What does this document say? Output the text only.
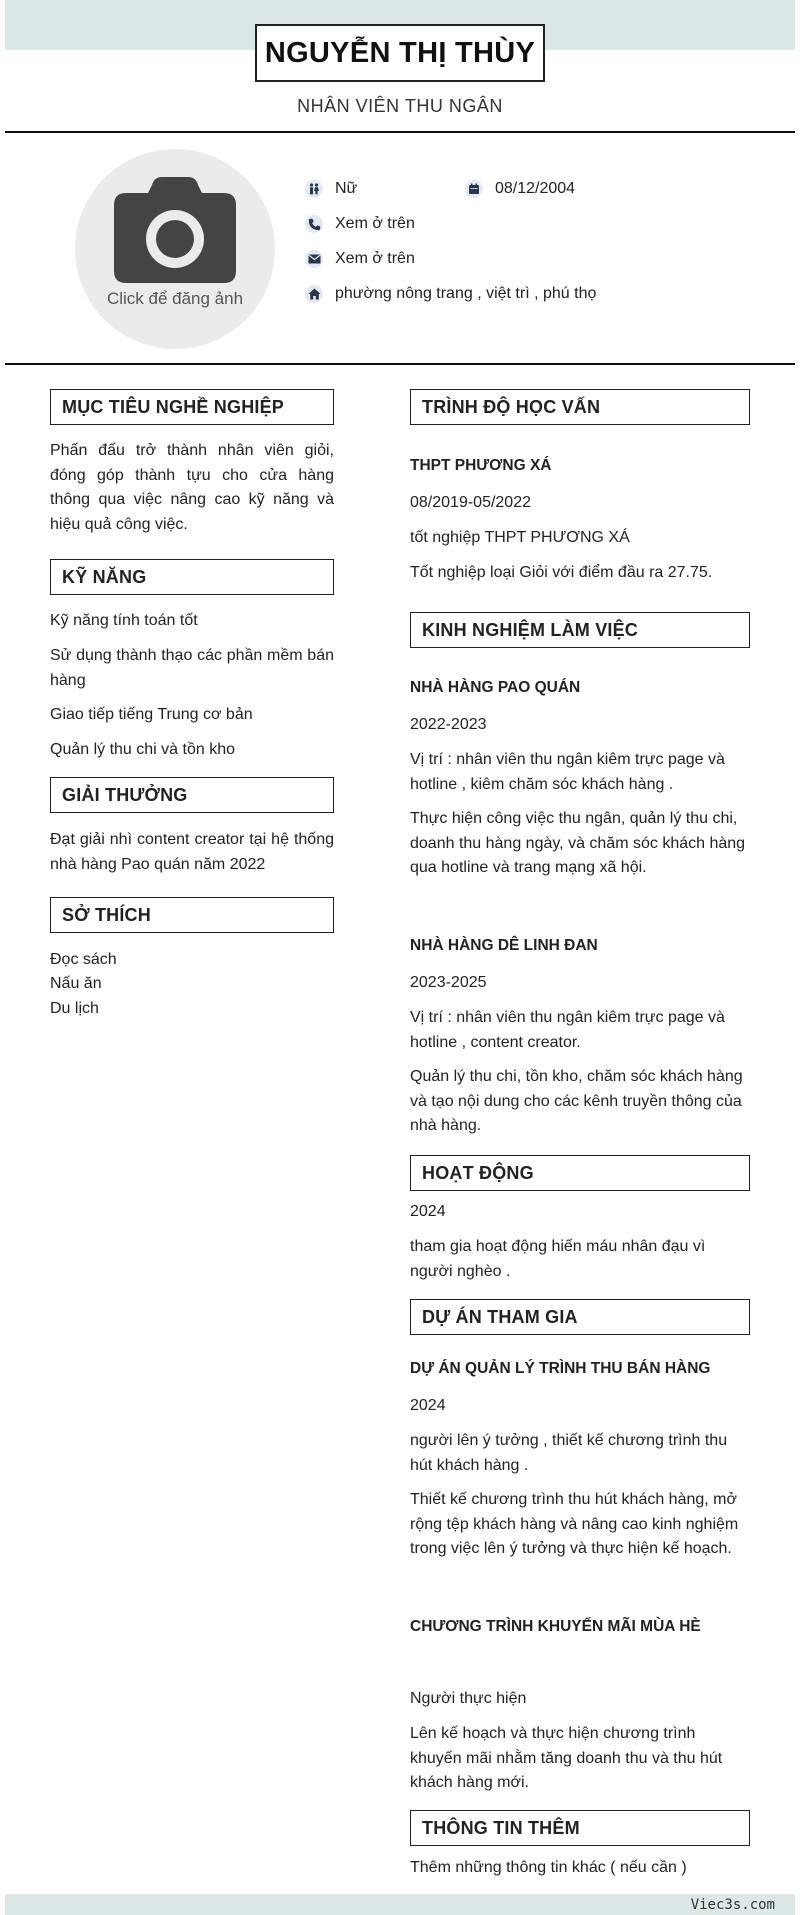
NGUYỄN THỊ THÙY
NHÂN VIÊN THU NGÂN
Click để đăng ảnh
Nữ	08/12/2004
Xem ở trên
Xem ở trên
phường nông trang , việt trì , phú thọ
MỤC TIÊU NGHỀ NGHIỆP
Phấn đấu trở thành nhân viên giỏi, đóng góp thành tựu cho cửa hàng thông qua việc nâng cao kỹ năng và hiệu quả công việc.
KỸ NĂNG
Kỹ năng tính toán tốt
Sử dụng thành thạo các phần mềm bán hàng
Giao tiếp tiếng Trung cơ bản
Quản lý thu chi và tồn kho
GIẢI THƯỞNG
Đạt giải nhì content creator tại hệ thống nhà hàng Pao quán năm 2022
SỞ THÍCH
Đọc sách
Nấu ăn
Du lịch
TRÌNH ĐỘ HỌC VẤN
THPT PHƯƠNG XÁ
08/2019-05/2022
tốt nghiệp THPT PHƯƠNG XÁ
Tốt nghiệp loại Giỏi với điểm đầu ra 27.75.
KINH NGHIỆM LÀM VIỆC
NHÀ HÀNG PAO QUÁN
2022-2023
Vị trí : nhân viên thu ngân kiêm trực page và hotline , kiêm chăm sóc khách hàng .
Thực hiện công việc thu ngân, quản lý thu chi, doanh thu hàng ngày, và chăm sóc khách hàng qua hotline và trang mạng xã hội.
NHÀ HÀNG DÊ LINH ĐAN
2023-2025
Vị trí : nhân viên thu ngân kiêm trực page và hotline , content creator.
Quản lý thu chi, tồn kho, chăm sóc khách hàng và tạo nội dung cho các kênh truyền thông của nhà hàng.
HOẠT ĐỘNG
2024
tham gia hoạt động hiến máu nhân đạu vì người nghèo .
DỰ ÁN THAM GIA
DỰ ÁN QUẢN LÝ TRÌNH THU BÁN HÀNG
2024
người lên ý tưởng , thiết kế chương trình thu hút khách hàng .
Thiết kế chương trình thu hút khách hàng, mở rộng tệp khách hàng và nâng cao kinh nghiệm trong việc lên ý tưởng và thực hiện kế hoạch.
CHƯƠNG TRÌNH KHUYẾN MÃI MÙA HÈ
Người thực hiện
Lên kế hoạch và thực hiện chương trình khuyến mãi nhằm tăng doanh thu và thu hút khách hàng mới.
THÔNG TIN THÊM
Thêm những thông tin khác ( nếu cần )
Viec3s.com
